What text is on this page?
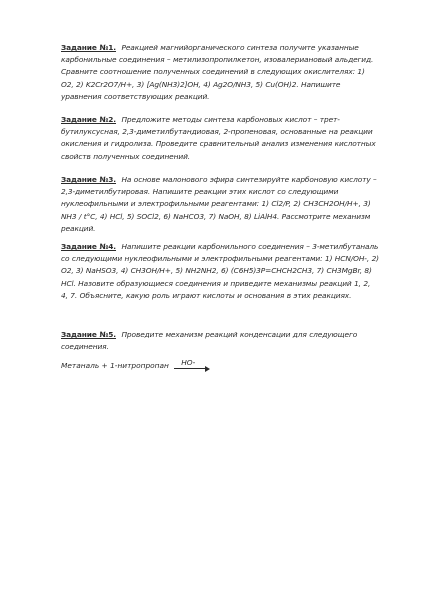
Задание №1. Реакцией магнийорганического синтеза получите указанные карбонильные соединения – метилизопропилкетон, изовалериановый альдегид. Сравните соотношение полученных соединений в следующих окислителях: 1) O2, 2) K2Cr2O7/H+, 3) [Ag(NH3)2]OH, 4) Ag2O/NH3, 5) Cu(OH)2. Напишите уравнения соответствующих реакций.
Задание №2. Предложите методы синтеза карбоновых кислот – трет-бутилуксусная, 2,3-диметилбутандиовая, 2-пропеновая, основанные на реакции окисления и гидролиза. Проведите сравнительный анализ изменения кислотных свойств полученных соединений.
Задание №3. На основе малонового эфира синтезируйте карбоновую кислоту – 2,3-диметилбутировая. Напишите реакции этих кислот со следующими нуклеофильными и электрофильными реагентами: 1) Cl2/P, 2) CH3CH2OH/H+, 3) NH3 / t°C, 4) HCl, 5) SOCl2, 6) NaHCO3, 7) NaOH, 8) LiAlH4. Рассмотрите механизм реакций.
Задание №4. Напишите реакции карбонильного соединения – 3-метилбутаналь со следующими нуклеофильными и электрофильными реагентами: 1) HCN/OH-, 2) O2, 3) NaHSO3, 4) CH3OH/H+, 5) NH2NH2, 6) (C6H5)3P=CHCH2CH3, 7) CH3MgBr, 8) HCl. Назовите образующиеся соединения и приведите механизмы реакций 1, 2, 4, 7. Объясните, какую роль играют кислоты и основания в этих реакциях.
Задание №5. Проведите механизм реакций конденсации для следующего соединения.
Метаналь + 1-нитропропан HO-
